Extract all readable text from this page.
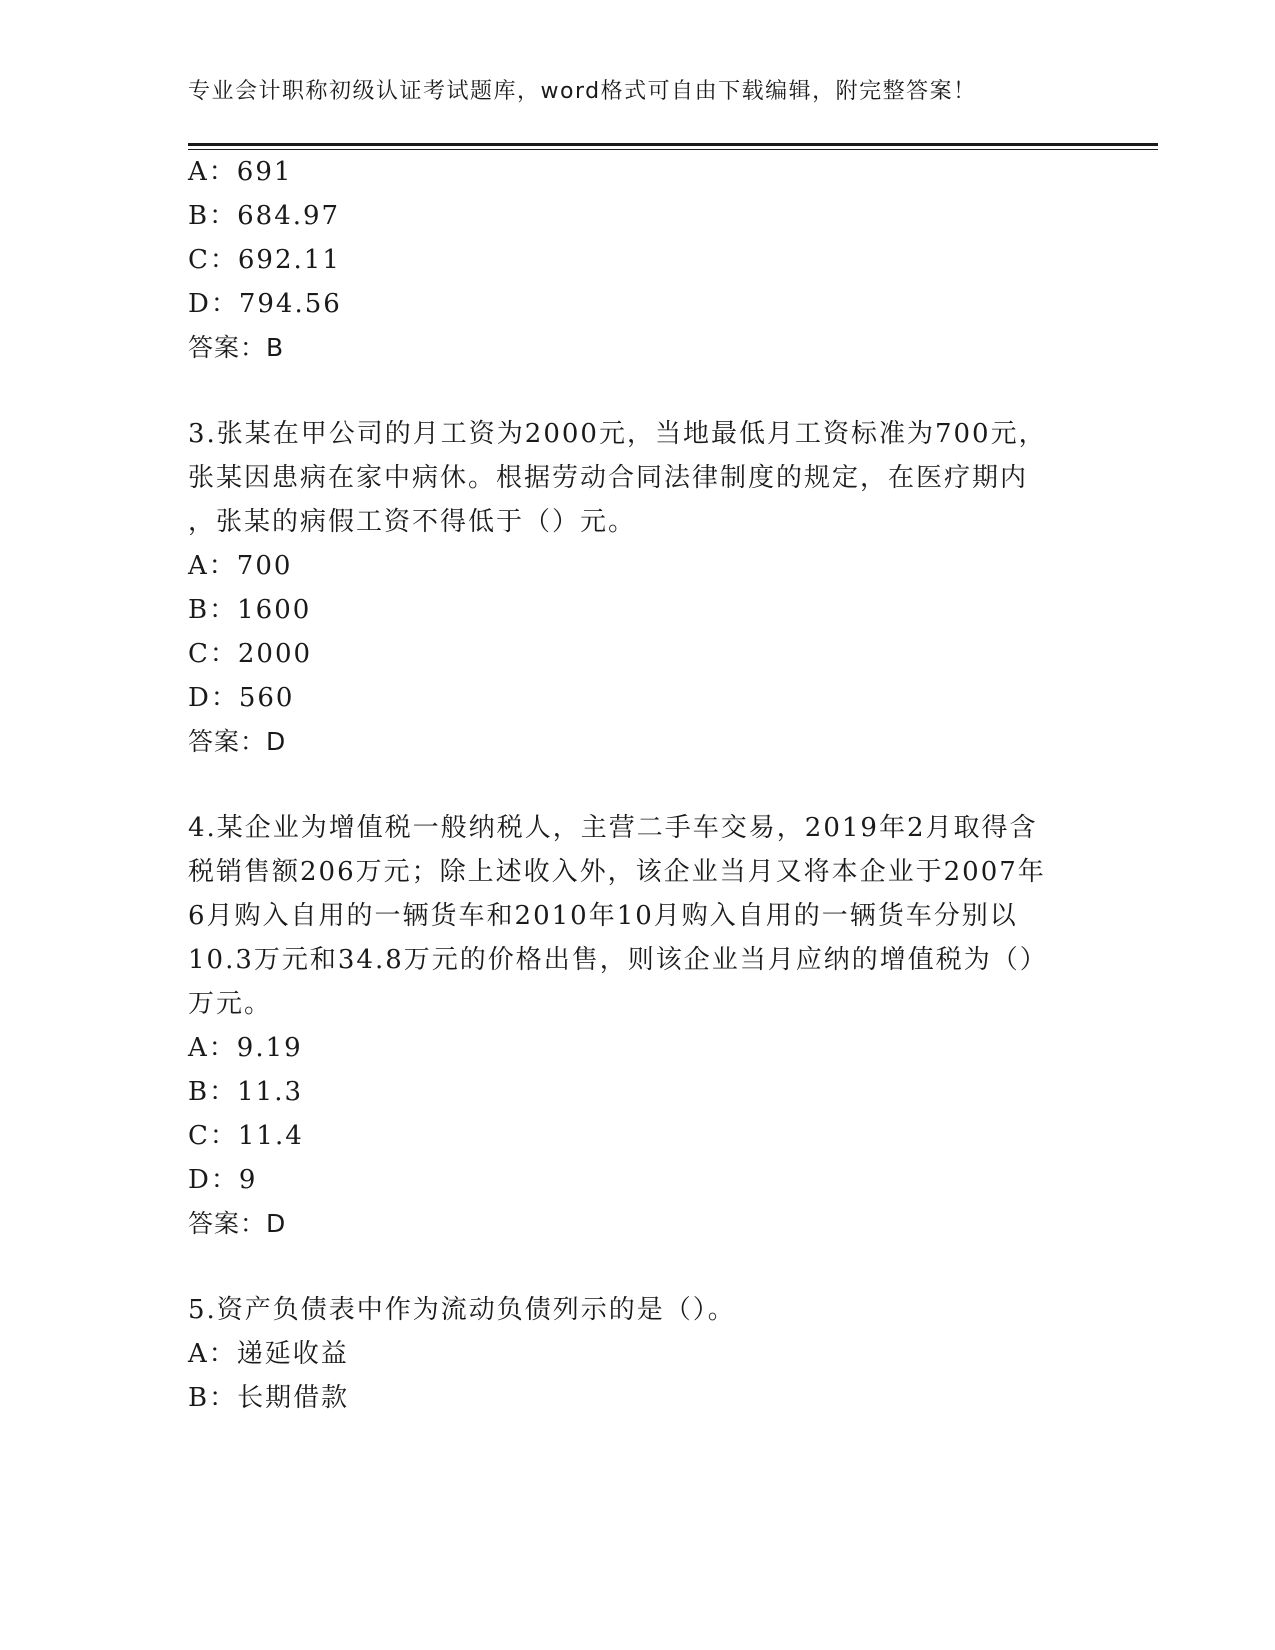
专业会计职称初级认证考试题库，word格式可自由下载编辑，附完整答案！
A：691
B：684.97
C：692.11
D：794.56
答案：B
3.张某在甲公司的月工资为2000元，当地最低月工资标准为700元，
张某因患病在家中病休。根据劳动合同法律制度的规定，在医疗期内
，张某的病假工资不得低于（）元。
A：700
B：1600
C：2000
D：560
答案：D
4.某企业为增值税一般纳税人，主营二手车交易，2019年2月取得含
税销售额206万元；除上述收入外，该企业当月又将本企业于2007年
6月购入自用的一辆货车和2010年10月购入自用的一辆货车分别以
10.3万元和34.8万元的价格出售，则该企业当月应纳的增值税为（）
万元。
A：9.19
B：11.3
C：11.4
D：9
答案：D
5.资产负债表中作为流动负债列示的是（）。
A：递延收益
B：长期借款
